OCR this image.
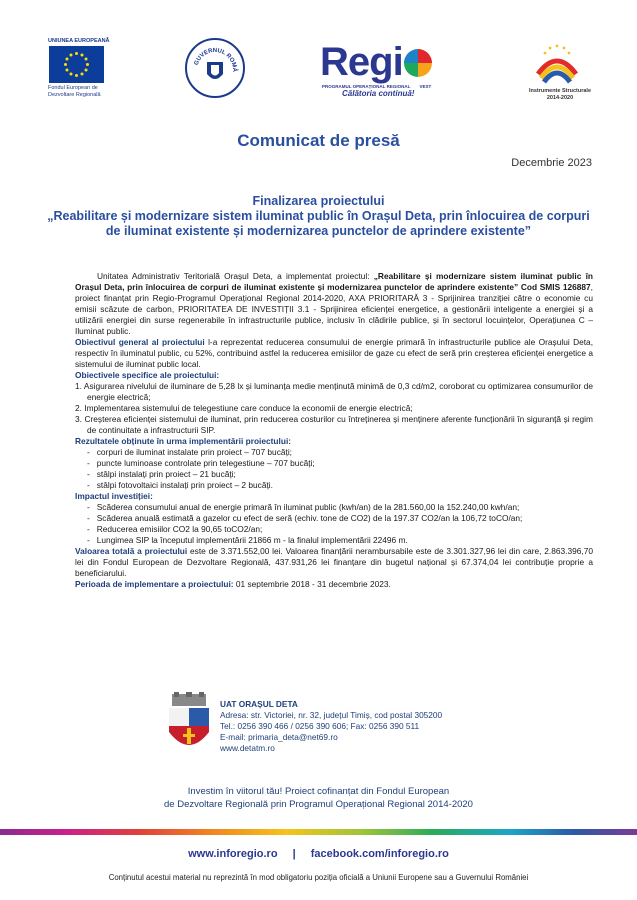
UNIUNEA EUROPEANĂ
Fondul European de Dezvoltare Regională
GUVERNUL ROMÂ Regi
PROGRAMUL OPERAȚIONAL REGIONAL VEST
Călătoria continuă!	Instrumente Structurale 2014-2020
Comunicat de presă
Decembrie 2023
Finalizarea proiectului
„Reabilitare și modernizare sistem iluminat public în Orașul Deta, prin înlocuirea de corpuri de iluminat existente și modernizarea punctelor de aprindere existente”

Unitatea Administrativ Teritorială Orașul Deta, a implementat proiectul: „Reabilitare și modernizare sistem iluminat public în Orașul Deta, prin înlocuirea de corpuri de iluminat existente și modernizarea punctelor de aprindere existente” Cod SMIS 126887, proiect finanțat prin Regio-Programul Operațional Regional 2014-2020, AXA PRIORITARĂ 3 - Sprijinirea tranziției către o economie cu emisii scăzute de carbon, PRIORITATEA DE INVESTIȚII 3.1 - Sprijinirea eficienței energetice, a gestionării inteligente a energiei și a utilizării energiei din surse regenerabile în infrastructurile publice, inclusiv în clădirile publice, și în sectorul locuințelor, Operațiunea C – Iluminat public.

Obiectivul general al proiectului l-a reprezentat reducerea consumului de energie primară în infrastructurile publice ale Orașului Deta, respectiv în iluminatul public, cu 52%, contribuind astfel la reducerea emisiilor de gaze cu efect de seră prin creșterea eficienței energetice a sistemului de iluminat public local.

Obiectivele specifice ale proiectului:

1. Asigurarea nivelului de iluminare de 5,28 lx și luminanța medie menținută minimă de 0,3 cd/m2, coroborat cu optimizarea consumurilor de energie electrică;
2. Implementarea sistemului de telegestiune care conduce la economii de energie electrică;
3. Creșterea eficienței sistemului de iluminat, prin reducerea costurilor cu întreținerea și menținere aferente funcționării în siguranță și regim de continuitate a infrastructurii SIP.

Rezultatele obținute în urma implementării proiectului:

-   corpuri de iluminat instalate prin proiect – 707 bucăți;
-   puncte luminoase controlate prin telegestiune – 707 bucăți;
-   stâlpi instalați prin proiect – 21 bucăți;
-   stâlpi fotovoltaici instalați prin proiect – 2 bucăți.

Impactul investiției:

-   Scăderea consumului anual de energie primară în iluminat public (kwh/an) de la 281.560,00 la 152.240,00 kwh/an;
-   Scăderea anuală estimată a gazelor cu efect de seră (echiv. tone de CO2) de la 197.37 CO2/an la 106,72 toCO/an;
-   Reducerea emisiilor CO2 la 90,65 toCO2/an;
-   Lungimea SIP la începutul implementării 21866 m - la finalul implementării 22496 m.

Valoarea totală a proiectului este de 3.371.552,00 lei. Valoarea finanțării nerambursabile este de 3.301.327,96 lei din care, 2.863.396,70 lei din Fondul European de Dezvoltare Regională, 437.931,26 lei finanțare din bugetul național și 67.374,04 lei contribuție proprie a beneficiarului.

Perioada de implementare a proiectului: 01 septembrie 2018 - 31 decembrie 2023.

UAT ORAȘUL DETA
Adresa: str. Victoriei, nr. 32, județul Timiș, cod postal 305200
Tel.: 0256 390 466 / 0256 390 606; Fax: 0256 390 511
E-mail: primaria_deta@net69.ro
www.detatm.ro
Investim în viitorul tău! Proiect cofinanțat din Fondul European
de Dezvoltare Regională prin Programul Operațional Regional 2014-2020
www.inforegio.ro | facebook.com/inforegio.ro
Conținutul acestui material nu reprezintă în mod obligatoriu poziția oficială a Uniunii Europene sau a Guvernului României
